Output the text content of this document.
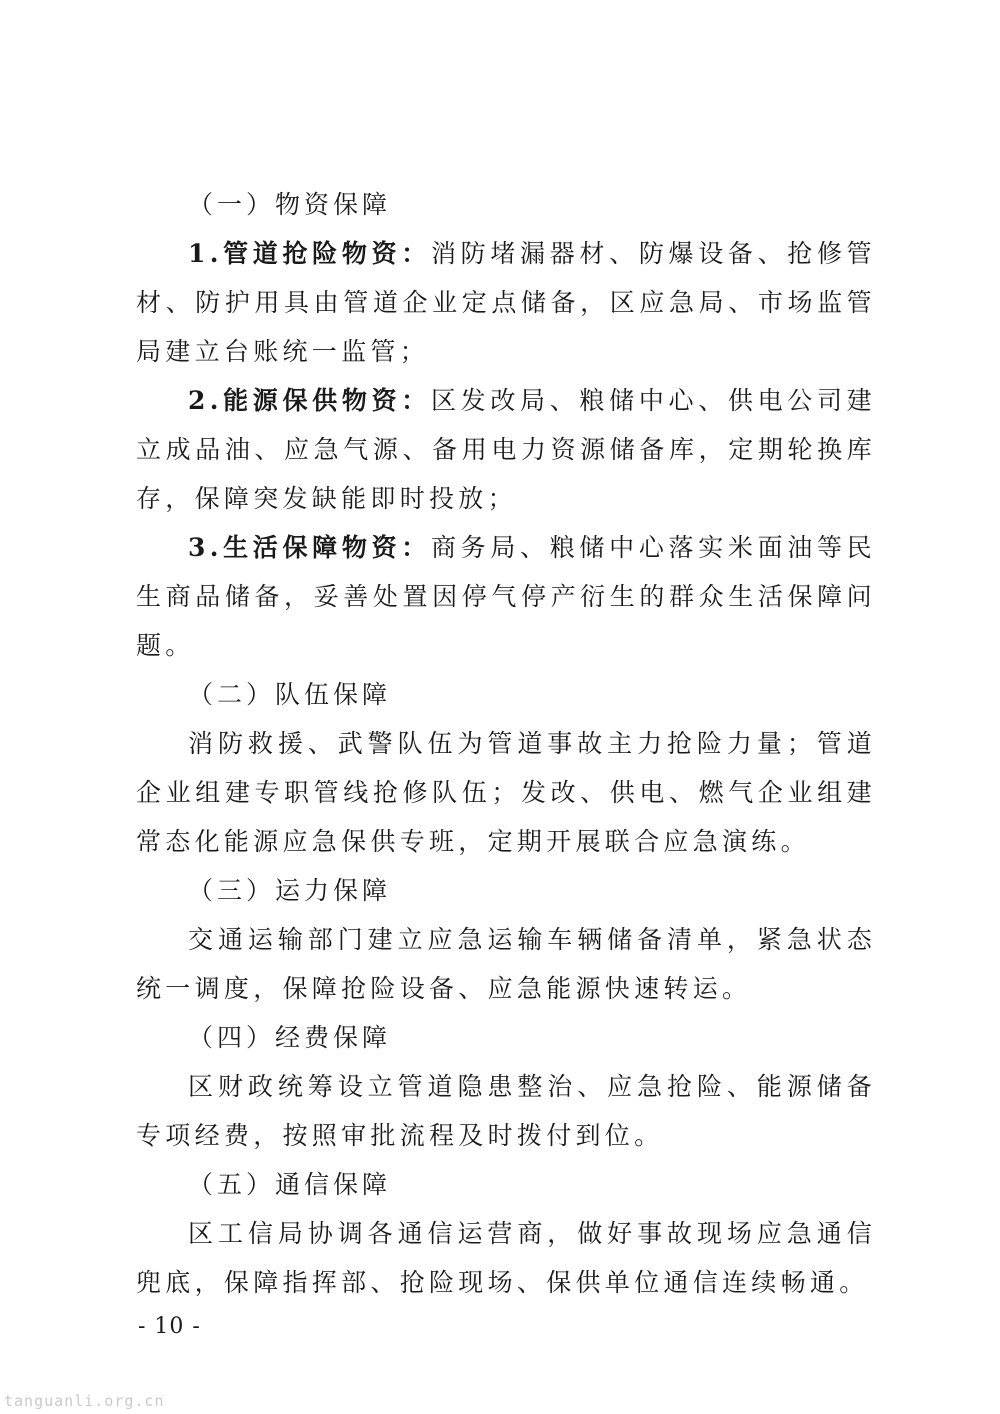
（一）物资保障

1.管道抢险物资：消防堵漏器材、防爆设备、抢修管材、防护用具由管道企业定点储备，区应急局、市场监管局建立台账统一监管；

2.能源保供物资：区发改局、粮储中心、供电公司建立成品油、应急气源、备用电力资源储备库，定期轮换库存，保障突发缺能即时投放；

3.生活保障物资：商务局、粮储中心落实米面油等民生商品储备，妥善处置因停气停产衍生的群众生活保障问题。

（二）队伍保障

消防救援、武警队伍为管道事故主力抢险力量；管道企业组建专职管线抢修队伍；发改、供电、燃气企业组建常态化能源应急保供专班，定期开展联合应急演练。

（三）运力保障

交通运输部门建立应急运输车辆储备清单，紧急状态统一调度，保障抢险设备、应急能源快速转运。

（四）经费保障

区财政统筹设立管道隐患整治、应急抢险、能源储备专项经费，按照审批流程及时拨付到位。

（五）通信保障

区工信局协调各通信运营商，做好事故现场应急通信兜底，保障指挥部、抢险现场、保供单位通信连续畅通。

- 10 -
tanguanli.org.cn
